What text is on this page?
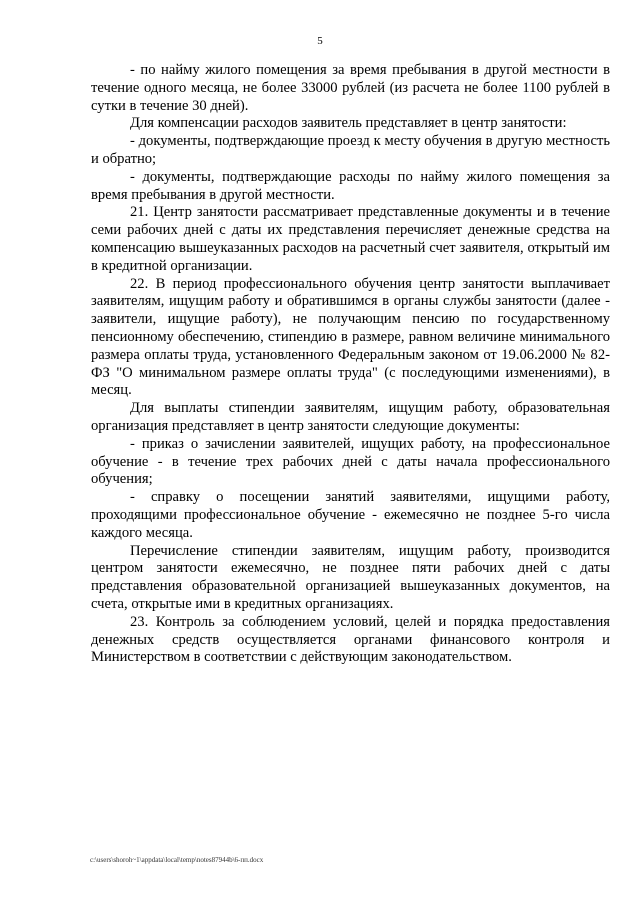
5

- по найму жилого помещения за время пребывания в другой местности в течение одного месяца, не более 33000 рублей (из расчета не более 1100 рублей в сутки в течение 30 дней).

Для компенсации расходов заявитель представляет в центр занятости:

- документы, подтверждающие проезд к месту обучения в другую местность и обратно;

- документы, подтверждающие расходы по найму жилого помещения за время пребывания в другой местности.

21. Центр занятости рассматривает представленные документы и в течение семи рабочих дней с даты их представления перечисляет денежные средства на компенсацию вышеуказанных расходов на расчетный счет заявителя, открытый им в кредитной организации.

22. В период профессионального обучения центр занятости выплачивает заявителям, ищущим работу и обратившимся в органы службы занятости (далее - заявители, ищущие работу), не получающим пенсию по государственному пенсионному обеспечению, стипендию в размере, равном величине минимального размера оплаты труда, установленного Федеральным законом от 19.06.2000 № 82-ФЗ "О минимальном размере оплаты труда" (с последующими изменениями), в месяц.

Для выплаты стипендии заявителям, ищущим работу, образовательная организация представляет в центр занятости следующие документы:

- приказ о зачислении заявителей, ищущих работу, на профессиональное обучение - в течение трех рабочих дней с даты начала профессионального обучения;

- справку о посещении занятий заявителями, ищущими работу, проходящими профессиональное обучение - ежемесячно не позднее 5-го числа каждого месяца.

Перечисление стипендии заявителям, ищущим работу, производится центром занятости ежемесячно, не позднее пяти рабочих дней с даты представления образовательной организацией вышеуказанных документов, на счета, открытые ими в кредитных организациях.

23. Контроль за соблюдением условий, целей и порядка предоставления денежных средств осуществляется органами финансового контроля и Министерством в соответствии с действующим законодательством.

c:\users\shoroh~1\appdata\local\temp\notes87944b\6-пп.docx
